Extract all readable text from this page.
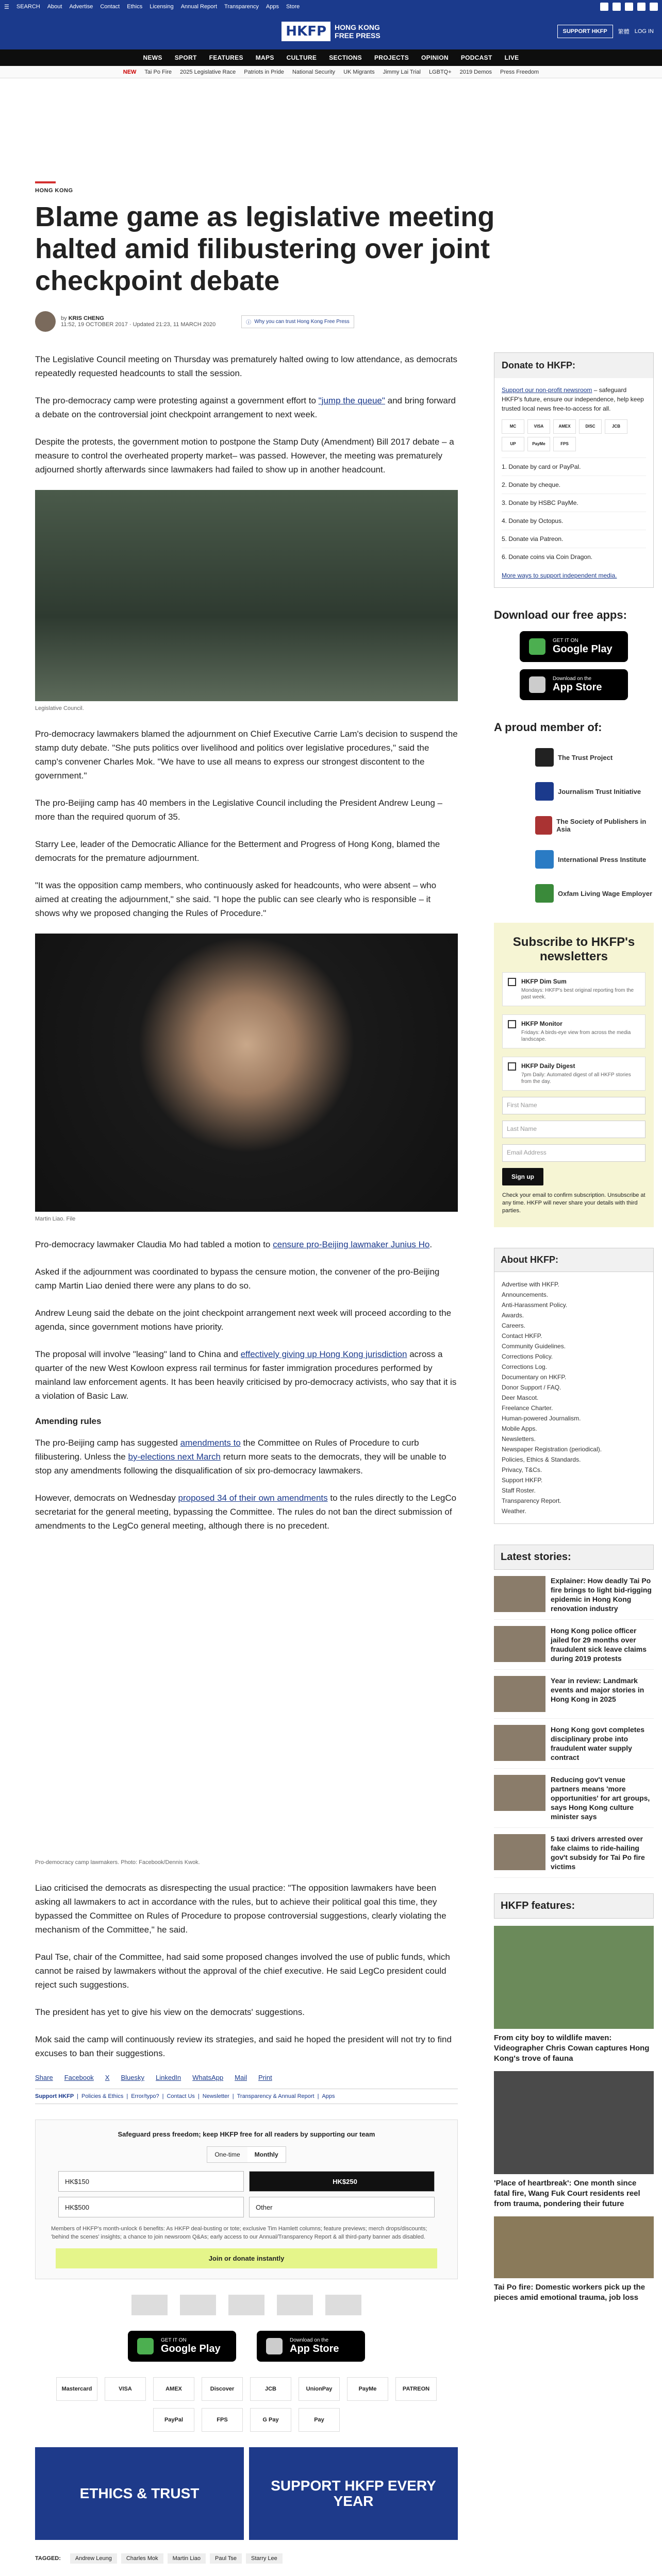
☰ SEARCH About Advertise Contact Ethics Licensing Annual Report Transparency Apps Store
HKFP	HONG KONG
FREE PRESS	SUPPORT HKFP	繁體 LOG IN
NEWS SPORT FEATURES MAPS CULTURE SECTIONS PROJECTS OPINION PODCAST LIVE
NEW Tai Po Fire 2025 Legislative Race Patriots in Pride National Security UK Migrants Jimmy Lai Trial LGBTQ+ 2019 Demos Press Freedom
HONG KONG
Blame game as legislative meeting halted amid filibustering over joint checkpoint debate
by KRIS CHENG
11:52, 19 OCTOBER 2017 · Updated 21:23, 11 MARCH 2020	ⓘ Why you can trust Hong Kong Free Press

The Legislative Council meeting on Thursday was prematurely halted owing to low attendance, as democrats repeatedly requested headcounts to stall the session.

The pro-democracy camp were protesting against a government effort to "jump the queue" and bring forward a debate on the controversial joint checkpoint arrangement to next week.

Despite the protests, the government motion to postpone the Stamp Duty (Amendment) Bill 2017 debate – a measure to control the overheated property market– was passed. However, the meeting was prematurely adjourned shortly afterwards since lawmakers had failed to show up in another headcount.

Legislative Council.

Pro-democracy lawmakers blamed the adjournment on Chief Executive Carrie Lam's decision to suspend the stamp duty debate. "She puts politics over livelihood and politics over legislative procedures," said the camp's convener Charles Mok. "We have to use all means to express our strongest discontent to the government."

The pro-Beijing camp has 40 members in the Legislative Council including the President Andrew Leung – more than the required quorum of 35.

Starry Lee, leader of the Democratic Alliance for the Betterment and Progress of Hong Kong, blamed the democrats for the premature adjournment.

"It was the opposition camp members, who continuously asked for headcounts, who were absent – who aimed at creating the adjournment," she said. "I hope the public can see clearly who is responsible – it shows why we proposed changing the Rules of Procedure."

Martin Liao. File

Pro-democracy lawmaker Claudia Mo had tabled a motion to censure pro-Beijing lawmaker Junius Ho.

Asked if the adjournment was coordinated to bypass the censure motion, the convener of the pro-Beijing camp Martin Liao denied there were any plans to do so.

Andrew Leung said the debate on the joint checkpoint arrangement next week will proceed according to the agenda, since government motions have priority.

The proposal will involve "leasing" land to China and effectively giving up Hong Kong jurisdiction across a quarter of the new West Kowloon express rail terminus for faster immigration procedures performed by mainland law enforcement agents. It has been heavily criticised by pro-democracy activists, who say that it is a violation of Basic Law.

Amending rules

The pro-Beijing camp has suggested amendments to the Committee on Rules of Procedure to curb filibustering. Unless the by-elections next March return more seats to the democrats, they will be unable to stop any amendments following the disqualification of six pro-democracy lawmakers.

However, democrats on Wednesday proposed 34 of their own amendments to the rules directly to the LegCo secretariat for the general meeting, bypassing the Committee. The rules do not ban the direct submission of amendments to the LegCo general meeting, although there is no precedent.

Pro-democracy camp lawmakers. Photo: Facebook/Dennis Kwok.

Liao criticised the democrats as disrespecting the usual practice: "The opposition lawmakers have been asking all lawmakers to act in accordance with the rules, but to achieve their political goal this time, they bypassed the Committee on Rules of Procedure to propose controversial suggestions, clearly violating the mechanism of the Committee," he said.

Paul Tse, chair of the Committee, had said some proposed changes involved the use of public funds, which cannot be raised by lawmakers without the approval of the chief executive. He said LegCo president could reject such suggestions.

The president has yet to give his view on the democrats' suggestions.

Mok said the camp will continuously review its strategies, and said he hoped the president will not try to find excuses to ban their suggestions.

Share Facebook X Bluesky LinkedIn WhatsApp Mail Print
Support HKFP | Policies & Ethics | Error/typo? | Contact Us | Newsletter | Transparency & Annual Report | Apps
Safeguard press freedom; keep HKFP free for all readers by supporting our team
One-time	Monthly
HK$150	HK$250
HK$500	Other
Members of HKFP's month-unlock 6 benefits: As HKFP deal-busting or tote; exclusive Tim Hamlett columns; feature previews; merch drops/discounts; 'behind the scenes' insights; a chance to join newsroom Q&As; early access to our Annual/Transparency Report & all third-party banner ads disabled.
Join or donate instantly
GET IT ON
Google Play
Download on the
App Store
Mastercard	VISA	AMEX	Discover	JCB	UnionPay	PayMe	PATREON
PayPal	FPS	G Pay	Pay
ETHICS & TRUST	SUPPORT HKFP EVERY YEAR
TAGGED:	Andrew Leung	Charles Mok	Martin Liao	Paul Tse	Starry Lee
Donate to HKFP:
Support our non-profit newsroom – safeguard HKFP's future, ensure our independence, help keep trusted local news free-to-access for all.
MC	VISA	AMEX	DISC	JCB
UP	PayMe	FPS
1. Donate by card or PayPal.
2. Donate by cheque.
3. Donate by HSBC PayMe.
4. Donate by Octopus.
5. Donate via Patreon.
6. Donate coins via Coin Dragon.
More ways to support independent media.
Download our free apps:
GET IT ON
Google Play
Download on the
App Store
A proud member of:
The Trust Project
Journalism Trust Initiative
The Society of Publishers in Asia
International Press Institute
Oxfam Living Wage Employer
Subscribe to HKFP's newsletters
HKFP Dim Sum

Mondays: HKFP's best original reporting from the past week.

HKFP Monitor

Fridays: A birds-eye view from across the media landscape.

HKFP Daily Digest

7pm Daily: Automated digest of all HKFP stories from the day.

First Name
Last Name
Email Address
Sign up

Check your email to confirm subscription. Unsubscribe at any time. HKFP will never share your details with third parties.

About HKFP:
Advertise with HKFP.
Announcements.
Anti-Harassment Policy.
Awards.
Careers.
Contact HKFP.
Community Guidelines.
Corrections Policy.
Corrections Log.
Documentary on HKFP.
Donor Support / FAQ.
Deer Mascot.
Freelance Charter.
Human-powered Journalism.
Mobile Apps.
Newsletters.
Newspaper Registration (periodical).
Policies, Ethics & Standards.
Privacy, T&Cs.
Support HKFP.
Staff Roster.
Transparency Report.
Weather.
Latest stories:
Explainer: How deadly Tai Po fire brings to light bid-rigging epidemic in Hong Kong renovation industry
Hong Kong police officer jailed for 29 months over fraudulent sick leave claims during 2019 protests
Year in review: Landmark events and major stories in Hong Kong in 2025
Hong Kong govt completes disciplinary probe into fraudulent water supply contract
Reducing gov't venue partners means 'more opportunities' for art groups, says Hong Kong culture minister says
5 taxi drivers arrested over fake claims to ride-hailing gov't subsidy for Tai Po fire victims
HKFP features:
From city boy to wildlife maven: Videographer Chris Cowan captures Hong Kong's trove of fauna
'Place of heartbreak': One month since fatal fire, Wang Fuk Court residents reel from trauma, pondering their future
Tai Po fire: Domestic workers pick up the pieces amid emotional trauma, job loss
